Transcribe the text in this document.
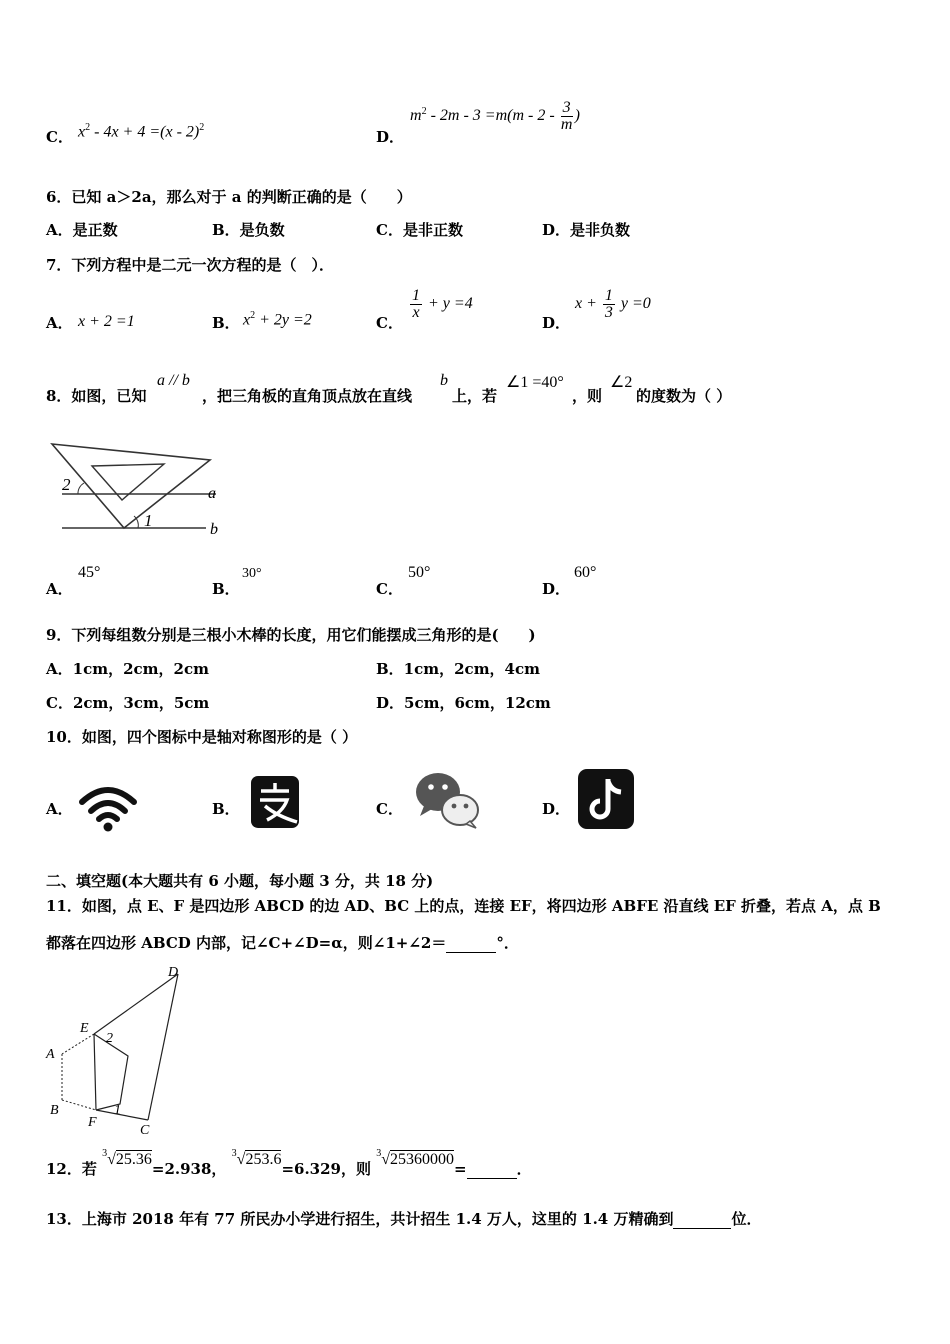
C． $x^2 - 4x + 4 =(x - 2)^2$
D．
$m^2 - 2m - 3 =m(m - 2 - \frac{3}{m}$ )
6．已知 a＞2a，那么对于 a 的判断正确的是（　　）
A．是正数	B．是负数	C．是非正数	D．是非负数
7．下列方程中是二元一次方程的是（　）．
A． x + 2 =1	B． $x^2 + 2y =2$	C．
$\frac{1}{x} + y =4$
D．
$x + \frac{1}{3}$ y =0
8．如图，已知
a // b
，把三角板的直角顶点放在直线
b
上，若
∠1 =40°
，则
∠2
的度数为（ ）
2
1
a
b
A．
45°
B．
30°
C．
50°
D．
60°
9．下列每组数分别是三根小木棒的长度，用它们能摆成三角形的是(　　)
A．1cm，2cm，2cm	B．1cm，2cm，4cm
C．2cm，3cm，5cm	D．5cm，6cm，12cm
10．如图，四个图标中是轴对称图形的是（ ）
A．	B．	C．	D．
二、填空题(本大题共有 6 小题，每小题 3 分，共 18 分)
11．如图，点 E、F 是四边形 ABCD 的边 AD、BC 上的点，连接 EF，将四边形 ABFE 沿直线 EF 折叠，若点 A，点 B
都落在四边形 ABCD 内部，记∠C+∠D=α，则∠1+∠2＝	°．
D
E
2
A
B
F
1
C
12．若 $^3$√25.36=2.938， $^3$√253.6=6.329，则 $^3$√25360000=	．
13．上海市 2018 年有 77 所民办小学进行招生，共计招生 1.4 万人，这里的 1.4 万精确到	位．
